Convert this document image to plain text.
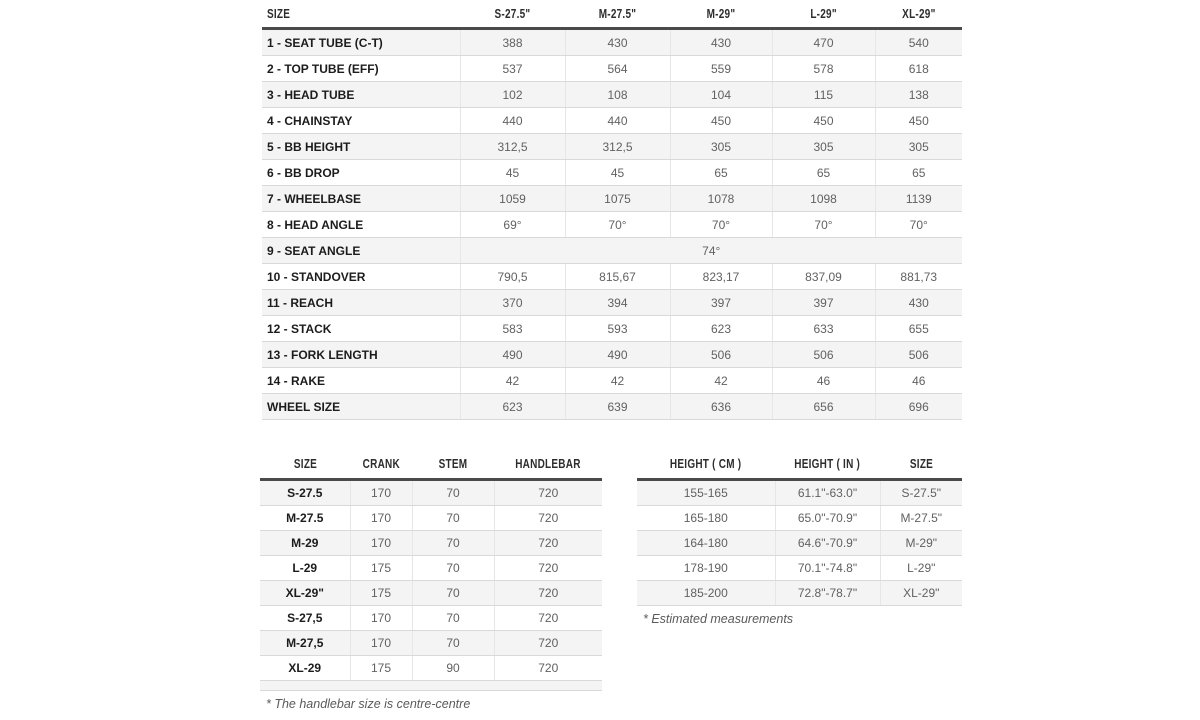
SIZE	S-27.5"	M-27.5"	M-29"	L-29"	XL-29"
1 - SEAT TUBE (C-T)	388	430	430	470	540
2 - TOP TUBE (EFF)	537	564	559	578	618
3 - HEAD TUBE	102	108	104	115	138
4 - CHAINSTAY	440	440	450	450	450
5 - BB HEIGHT	312,5	312,5	305	305	305
6 - BB DROP	45	45	65	65	65
7 - WHEELBASE	1059	1075	1078	1098	1139
8 - HEAD ANGLE	69°	70°	70°	70°	70°
9 - SEAT ANGLE	74°				
10 - STANDOVER	790,5	815,67	823,17	837,09	881,73
11 - REACH	370	394	397	397	430
12 - STACK	583	593	623	633	655
13 - FORK LENGTH	490	490	506	506	506
14 - RAKE	42	42	42	46	46
WHEEL SIZE	623	639	636	656	696
SIZE	CRANK	STEM	HANDLEBAR
S-27.5	170	70	720
M-27.5	170	70	720
M-29	170	70	720
L-29	175	70	720
XL-29"	175	70	720
S-27,5	170	70	720
M-27,5	170	70	720
XL-29	175	90	720

HEIGHT ( CM )	HEIGHT ( IN )	SIZE
155-165	61.1"-63.0"	S-27.5"
165-180	65.0"-70.9"	M-27.5"
164-180	64.6"-70.9"	M-29"
178-190	70.1"-74.8"	L-29"
185-200	72.8"-78.7"	XL-29"
* Estimated measurements
* The handlebar size is centre-centre
